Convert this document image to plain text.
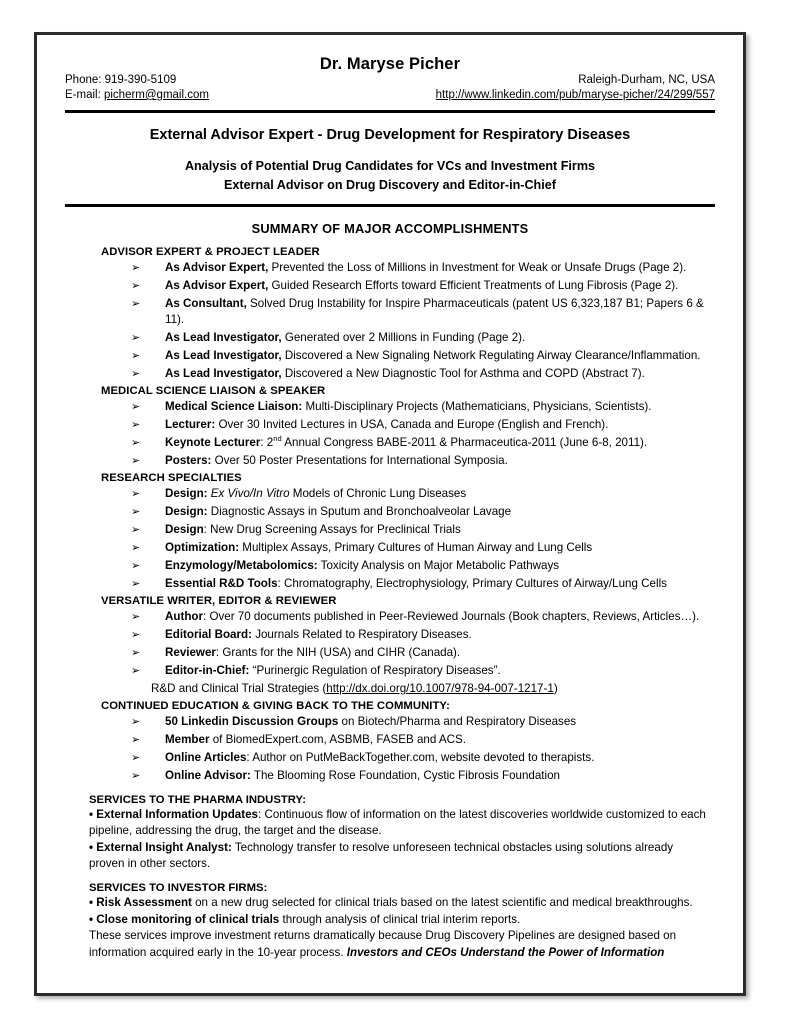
Dr. Maryse Picher
Phone: 919-390-5109
E-mail: picherm@gmail.com
Raleigh-Durham, NC, USA
http://www.linkedin.com/pub/maryse-picher/24/299/557
External Advisor Expert - Drug Development for Respiratory Diseases
Analysis of Potential Drug Candidates for VCs and Investment Firms
External Advisor on Drug Discovery and Editor-in-Chief
SUMMARY OF MAJOR ACCOMPLISHMENTS
ADVISOR EXPERT & PROJECT LEADER
➢ As Advisor Expert, Prevented the Loss of Millions in Investment for Weak or Unsafe Drugs (Page 2).
➢ As Advisor Expert, Guided Research Efforts toward Efficient Treatments of Lung Fibrosis (Page 2).
➢ As Consultant, Solved Drug Instability for Inspire Pharmaceuticals (patent US 6,323,187 B1; Papers 6 & 11).
➢ As Lead Investigator, Generated over 2 Millions in Funding (Page 2).
➢ As Lead Investigator, Discovered a New Signaling Network Regulating Airway Clearance/Inflammation.
➢ As Lead Investigator, Discovered a New Diagnostic Tool for Asthma and COPD (Abstract 7).
MEDICAL SCIENCE LIAISON & SPEAKER
➢ Medical Science Liaison: Multi-Disciplinary Projects (Mathematicians, Physicians, Scientists).
➢ Lecturer: Over 30 Invited Lectures in USA, Canada and Europe (English and French).
➢ Keynote Lecturer: 2nd Annual Congress BABE-2011 & Pharmaceutica-2011 (June 6-8, 2011).
➢ Posters: Over 50 Poster Presentations for International Symposia.
RESEARCH SPECIALTIES
➢ Design: Ex Vivo/In Vitro Models of Chronic Lung Diseases
➢ Design: Diagnostic Assays in Sputum and Bronchoalveolar Lavage
➢ Design: New Drug Screening Assays for Preclinical Trials
➢ Optimization: Multiplex Assays, Primary Cultures of Human Airway and Lung Cells
➢ Enzymology/Metabolomics: Toxicity Analysis on Major Metabolic Pathways
➢ Essential R&D Tools: Chromatography, Electrophysiology, Primary Cultures of Airway/Lung Cells
VERSATILE WRITER, EDITOR & REVIEWER
➢ Author: Over 70 documents published in Peer-Reviewed Journals (Book chapters, Reviews, Articles…).
➢ Editorial Board: Journals Related to Respiratory Diseases.
➢ Reviewer: Grants for the NIH (USA) and CIHR (Canada).
➢ Editor-in-Chief: “Purinergic Regulation of Respiratory Diseases”.
R&D and Clinical Trial Strategies (http://dx.doi.org/10.1007/978-94-007-1217-1)
CONTINUED EDUCATION & GIVING BACK TO THE COMMUNITY:
➢ 50 Linkedin Discussion Groups on Biotech/Pharma and Respiratory Diseases
➢ Member of BiomedExpert.com, ASBMB, FASEB and ACS.
➢ Online Articles: Author on PutMeBackTogether.com, website devoted to therapists.
➢ Online Advisor: The Blooming Rose Foundation, Cystic Fibrosis Foundation
SERVICES TO THE PHARMA INDUSTRY:
• External Information Updates: Continuous flow of information on the latest discoveries worldwide customized to each pipeline, addressing the drug, the target and the disease.
• External Insight Analyst: Technology transfer to resolve unforeseen technical obstacles using solutions already proven in other sectors.
SERVICES TO INVESTOR FIRMS:
• Risk Assessment on a new drug selected for clinical trials based on the latest scientific and medical breakthroughs.
• Close monitoring of clinical trials through analysis of clinical trial interim reports.
These services improve investment returns dramatically because Drug Discovery Pipelines are designed based on information acquired early in the 10-year process. Investors and CEOs Understand the Power of Information
